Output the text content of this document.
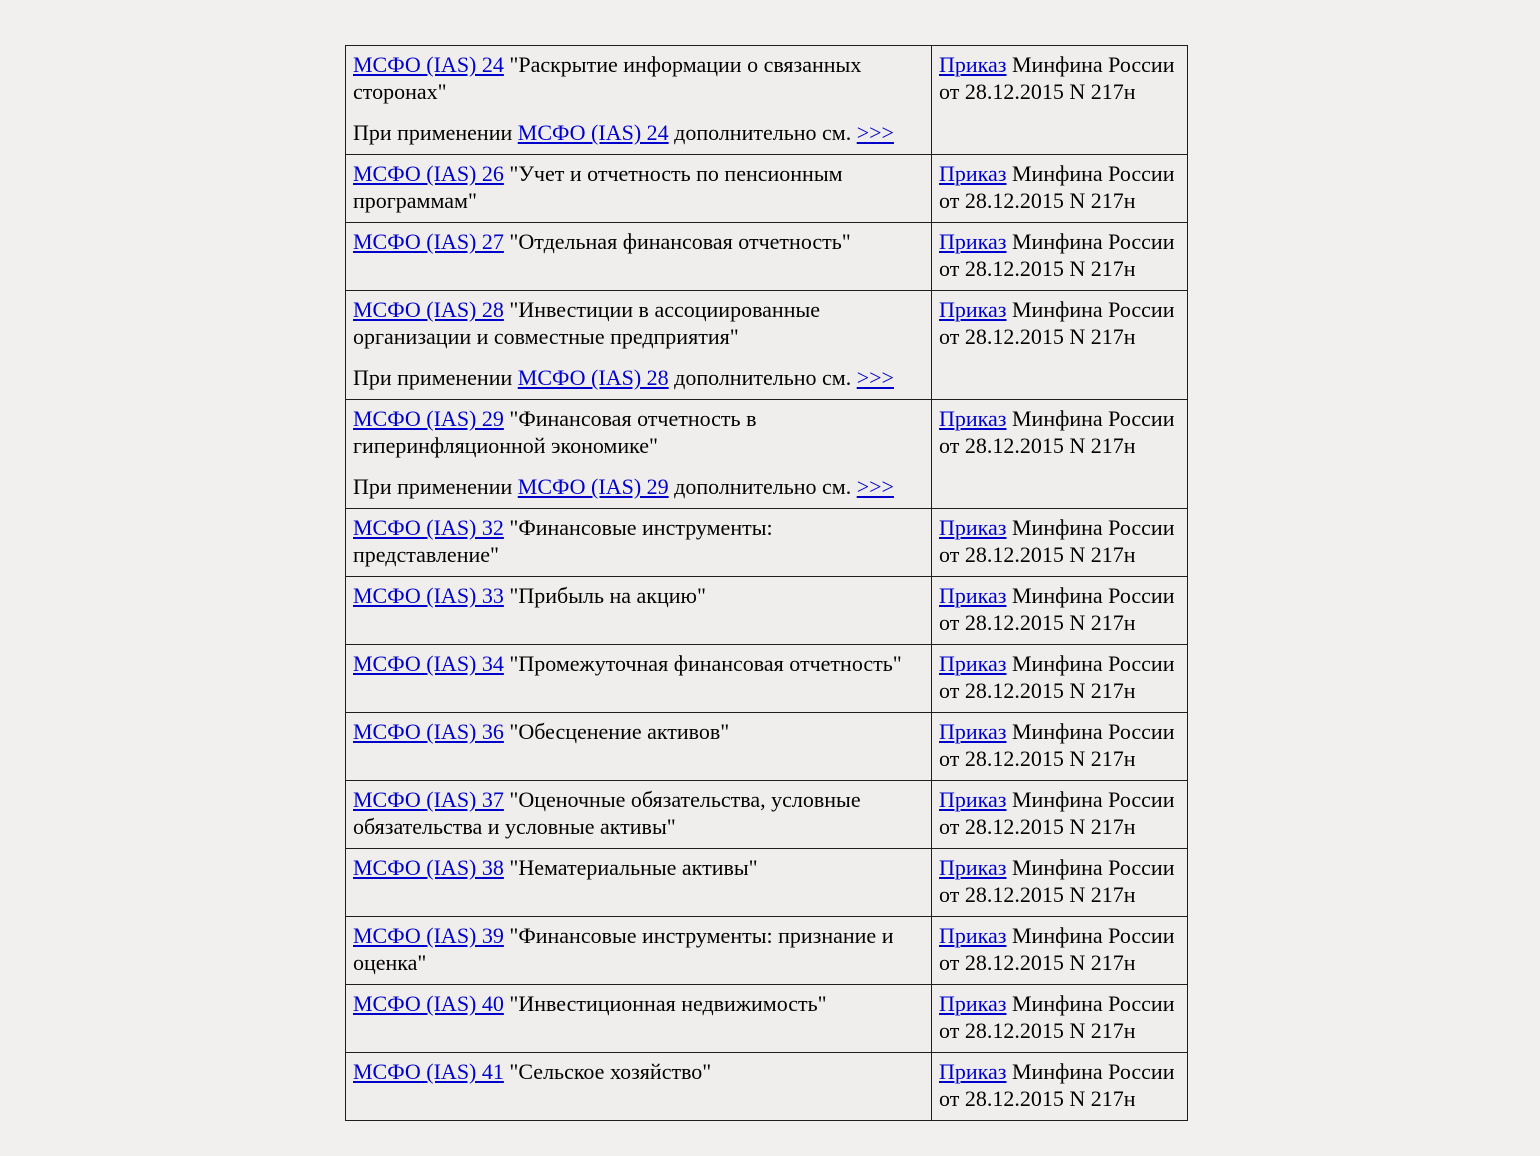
МСФО (IAS) 24 "Раскрытие информации о связанных сторонах"
При применении МСФО (IAS) 24 дополнительно см. >>>	Приказ Минфина России от 28.12.2015 N 217н
МСФО (IAS) 26 "Учет и отчетность по пенсионным программам"	Приказ Минфина России от 28.12.2015 N 217н
МСФО (IAS) 27 "Отдельная финансовая отчетность"	Приказ Минфина России от 28.12.2015 N 217н
МСФО (IAS) 28 "Инвестиции в ассоциированные организации и совместные предприятия"
При применении МСФО (IAS) 28 дополнительно см. >>>	Приказ Минфина России от 28.12.2015 N 217н
МСФО (IAS) 29 "Финансовая отчетность в гиперинфляционной экономике"
При применении МСФО (IAS) 29 дополнительно см. >>>	Приказ Минфина России от 28.12.2015 N 217н
МСФО (IAS) 32 "Финансовые инструменты: представление"	Приказ Минфина России от 28.12.2015 N 217н
МСФО (IAS) 33 "Прибыль на акцию"	Приказ Минфина России от 28.12.2015 N 217н
МСФО (IAS) 34 "Промежуточная финансовая отчетность"	Приказ Минфина России от 28.12.2015 N 217н
МСФО (IAS) 36 "Обесценение активов"	Приказ Минфина России от 28.12.2015 N 217н
МСФО (IAS) 37 "Оценочные обязательства, условные обязательства и условные активы"	Приказ Минфина России от 28.12.2015 N 217н
МСФО (IAS) 38 "Нематериальные активы"	Приказ Минфина России от 28.12.2015 N 217н
МСФО (IAS) 39 "Финансовые инструменты: признание и оценка"	Приказ Минфина России от 28.12.2015 N 217н
МСФО (IAS) 40 "Инвестиционная недвижимость"	Приказ Минфина России от 28.12.2015 N 217н
МСФО (IAS) 41 "Сельское хозяйство"	Приказ Минфина России от 28.12.2015 N 217н
